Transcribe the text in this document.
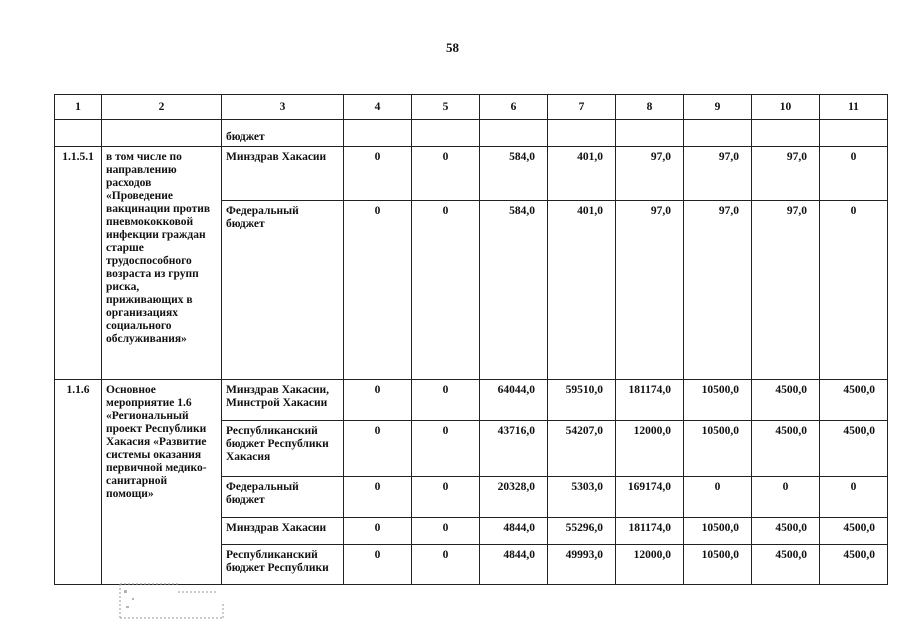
58
1	2	3	4	5	6	7	8	9	10	11
		бюджет								
1.1.5.1	в том числе по направлению расходов «Проведение вакцинации против пневмококковой инфекции граждан старше трудоспособного возраста из групп риска, приживающих в организациях социального обслуживания»	Минздрав Хакасии	0	0	584,0	401,0	97,0	97,0	97,0	0
		Федеральный бюджет	0	0	584,0	401,0	97,0	97,0	97,0	0
1.1.6	Основное мероприятие 1.6 «Региональный проект Республики Хакасия «Развитие системы оказания первичной медико-санитарной помощи»	Минздрав Хакасии, Минстрой Хакасии	0	0	64044,0	59510,0	181174,0	10500,0	4500,0	4500,0
		Республиканский бюджет Республики Хакасия	0	0	43716,0	54207,0	12000,0	10500,0	4500,0	4500,0
		Федеральный бюджет	0	0	20328,0	5303,0	169174,0	0	0	0
		Минздрав Хакасии	0	0	4844,0	55296,0	181174,0	10500,0	4500,0	4500,0
		Республиканский бюджет Республики	0	0	4844,0	49993,0	12000,0	10500,0	4500,0	4500,0
